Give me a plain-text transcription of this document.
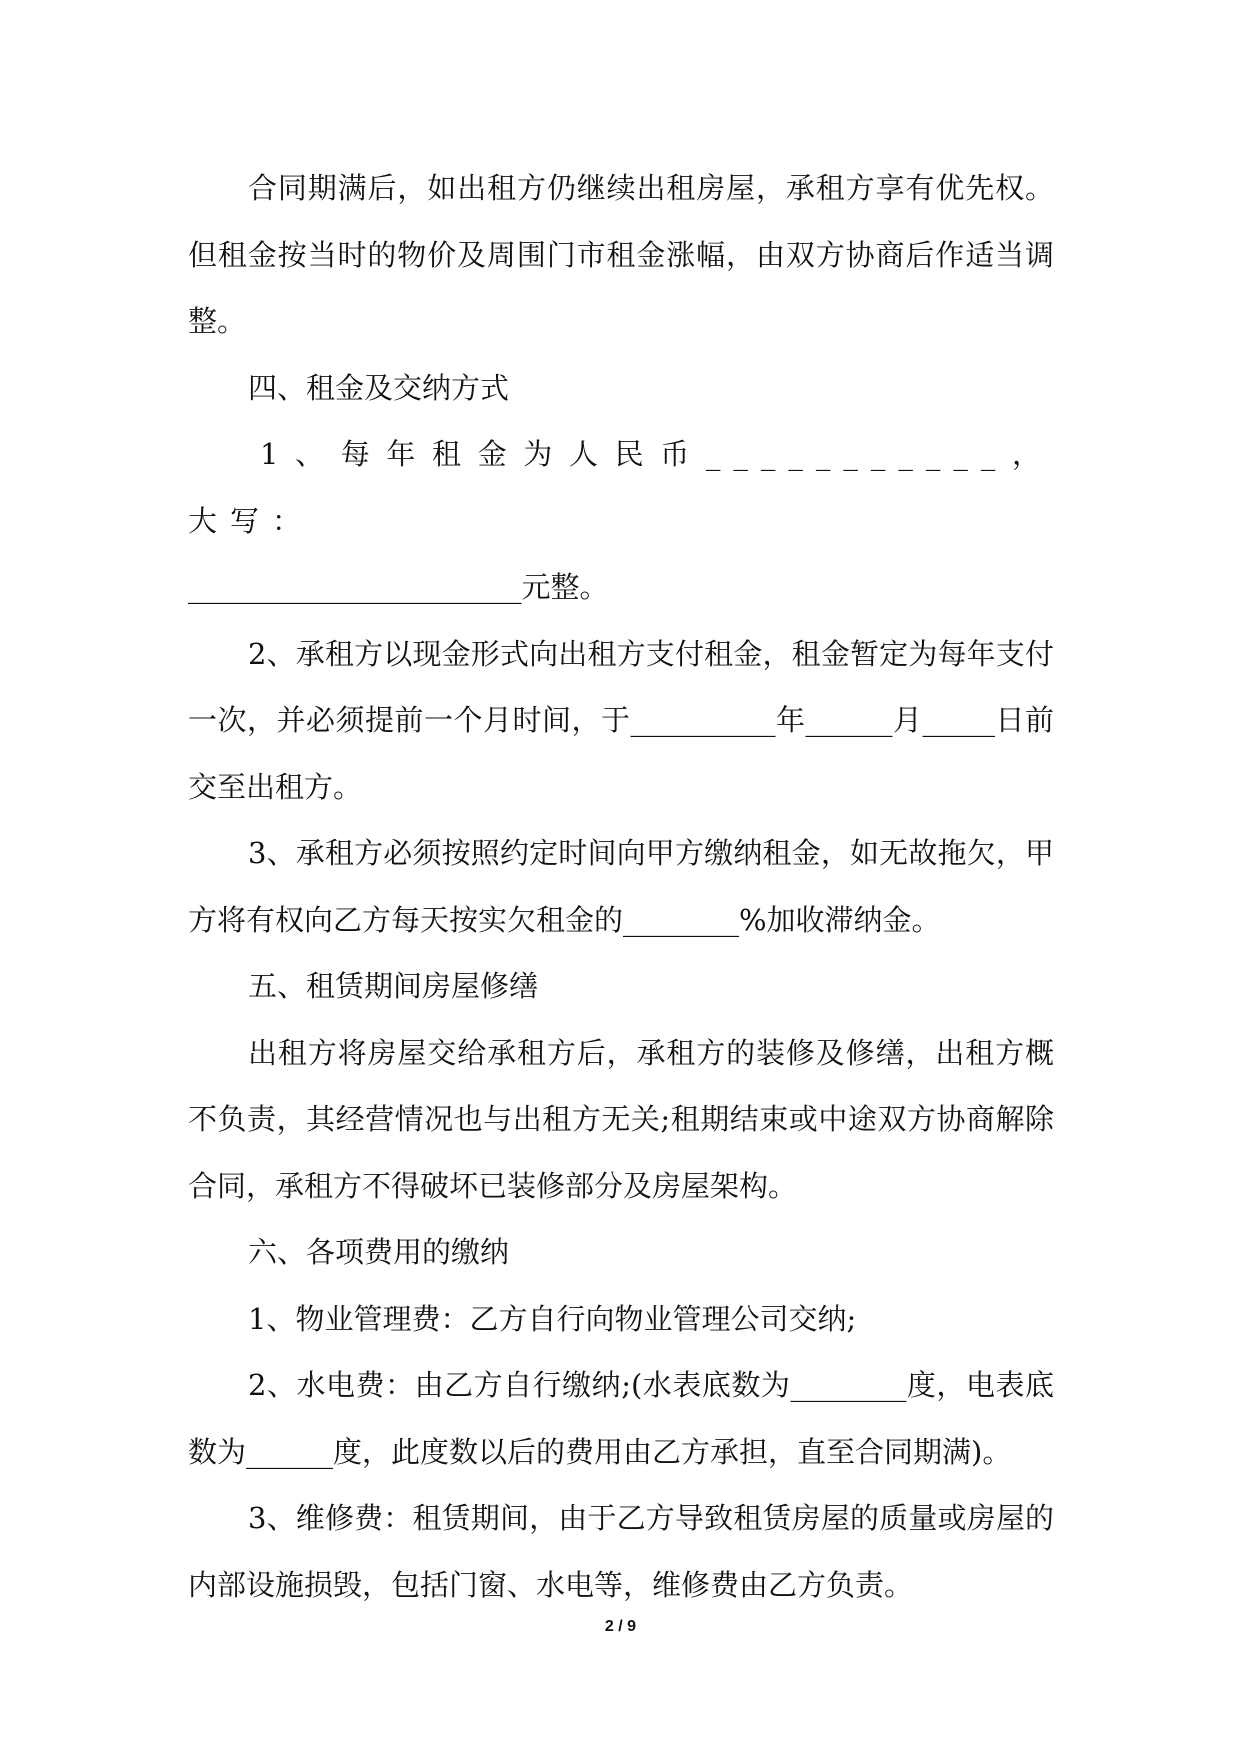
合同期满后，如出租方仍继续出租房屋，承租方享有优先权。但租金按当时的物价及周围门市租金涨幅，由双方协商后作适当调整。

四、租金及交纳方式

1、每年租金为人民币___________，大写：

_______________________元整。

2、承租方以现金形式向出租方支付租金，租金暂定为每年支付一次，并必须提前一个月时间，于__________年______月_____日前交至出租方。

3、承租方必须按照约定时间向甲方缴纳租金，如无故拖欠，甲方将有权向乙方每天按实欠租金的________%加收滞纳金。

五、租赁期间房屋修缮

出租方将房屋交给承租方后，承租方的装修及修缮，出租方概不负责，其经营情况也与出租方无关;租期结束或中途双方协商解除合同，承租方不得破坏已装修部分及房屋架构。

六、各项费用的缴纳

1、物业管理费：乙方自行向物业管理公司交纳;

2、水电费：由乙方自行缴纳;(水表底数为________度，电表底数为______度，此度数以后的费用由乙方承担，直至合同期满)。

3、维修费：租赁期间，由于乙方导致租赁房屋的质量或房屋的内部设施损毁，包括门窗、水电等，维修费由乙方负责。

2 / 9
